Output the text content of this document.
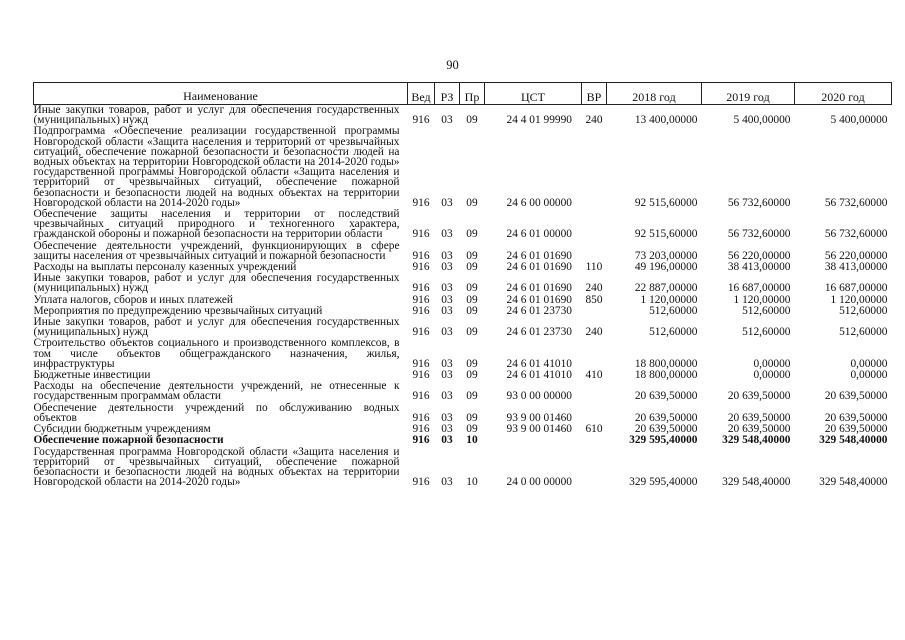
90
Наименование	Вед	РЗ	Пр	ЦСТ	ВР	2018 год	2019 год	2020 год
Иные закупки товаров, работ и услуг для обеспечения государственных (муниципальных) нужд	916	03	09	24 4 01 99990	240	13 400,00000	5 400,00000	5 400,00000
Подпрограмма «Обеспечение реализации государственной программы Новгородской области «Защита населения и территорий от чрезвычайных ситуаций, обеспечение пожарной безопасности и безопасности людей на водных объектах на территории Новгородской области на 2014-2020 годы» государственной программы Новгородской области «Защита населения и территорий от чрезвычайных ситуаций, обеспечение пожарной безопасности и безопасности людей на водных объектах на территории Новгородской области на 2014-2020 годы»	916	03	09	24 6 00 00000		92 515,60000	56 732,60000	56 732,60000
Обеспечение защиты населения и территории от последствий чрезвычайных ситуаций природного и техногенного характера, гражданской обороны и пожарной безопасности на территории области	916	03	09	24 6 01 00000		92 515,60000	56 732,60000	56 732,60000
Обеспечение деятельности учреждений, функционирующих в сфере защиты населения от чрезвычайных ситуаций и пожарной безопасности	916	03	09	24 6 01 01690		73 203,00000	56 220,00000	56 220,00000
Расходы на выплаты персоналу казенных учреждений	916	03	09	24 6 01 01690	110	49 196,00000	38 413,00000	38 413,00000
Иные закупки товаров, работ и услуг для обеспечения государственных (муниципальных) нужд	916	03	09	24 6 01 01690	240	22 887,00000	16 687,00000	16 687,00000
Уплата налогов, сборов и иных платежей	916	03	09	24 6 01 01690	850	1 120,00000	1 120,00000	1 120,00000
Мероприятия по предупреждению чрезвычайных ситуаций	916	03	09	24 6 01 23730		512,60000	512,60000	512,60000
Иные закупки товаров, работ и услуг для обеспечения государственных (муниципальных) нужд	916	03	09	24 6 01 23730	240	512,60000	512,60000	512,60000
Строительство объектов социального и производственного комплексов, в том числе объектов общегражданского назначения, жилья, инфраструктуры	916	03	09	24 6 01 41010		18 800,00000	0,00000	0,00000
Бюджетные инвестиции	916	03	09	24 6 01 41010	410	18 800,00000	0,00000	0,00000
Расходы на обеспечение деятельности учреждений, не отнесенные к государственным программам области	916	03	09	93 0 00 00000		20 639,50000	20 639,50000	20 639,50000
Обеспечение деятельности учреждений по обслуживанию водных объектов	916	03	09	93 9 00 01460		20 639,50000	20 639,50000	20 639,50000
Субсидии бюджетным учреждениям	916	03	09	93 9 00 01460	610	20 639,50000	20 639,50000	20 639,50000
Обеспечение пожарной безопасности	916	03	10			329 595,40000	329 548,40000	329 548,40000
Государственная программа Новгородской области «Защита населения и территорий от чрезвычайных ситуаций, обеспечение пожарной безопасности и безопасности людей на водных объектах на территории Новгородской области на 2014-2020 годы»	916	03	10	24 0 00 00000		329 595,40000	329 548,40000	329 548,40000
